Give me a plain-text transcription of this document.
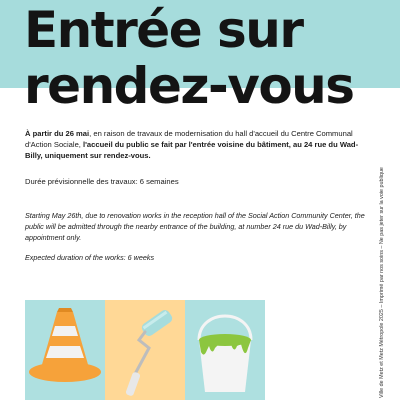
Entrée sur
rendez-vous

À partir du 26 mai, en raison de travaux de modernisation du hall d'accueil du Centre Communal d'Action Sociale, l'accueil du public se fait par l'entrée voisine du bâtiment, au 24 rue du Wad-Billy, uniquement sur rendez-vous.

Durée prévisionnelle des travaux: 6 semaines

Starting May 26th, due to renovation works in the reception hall of the Social Action Community Center, the public will be admitted through the nearby entrance of the building, at number 24 rue du Wad-Billy, by appointment only.

Expected duration of the works: 6 weeks	Ville de Metz et Metz Métropole 2025 – Imprimé par nos soins – Ne pas jeter sur la voie publique
